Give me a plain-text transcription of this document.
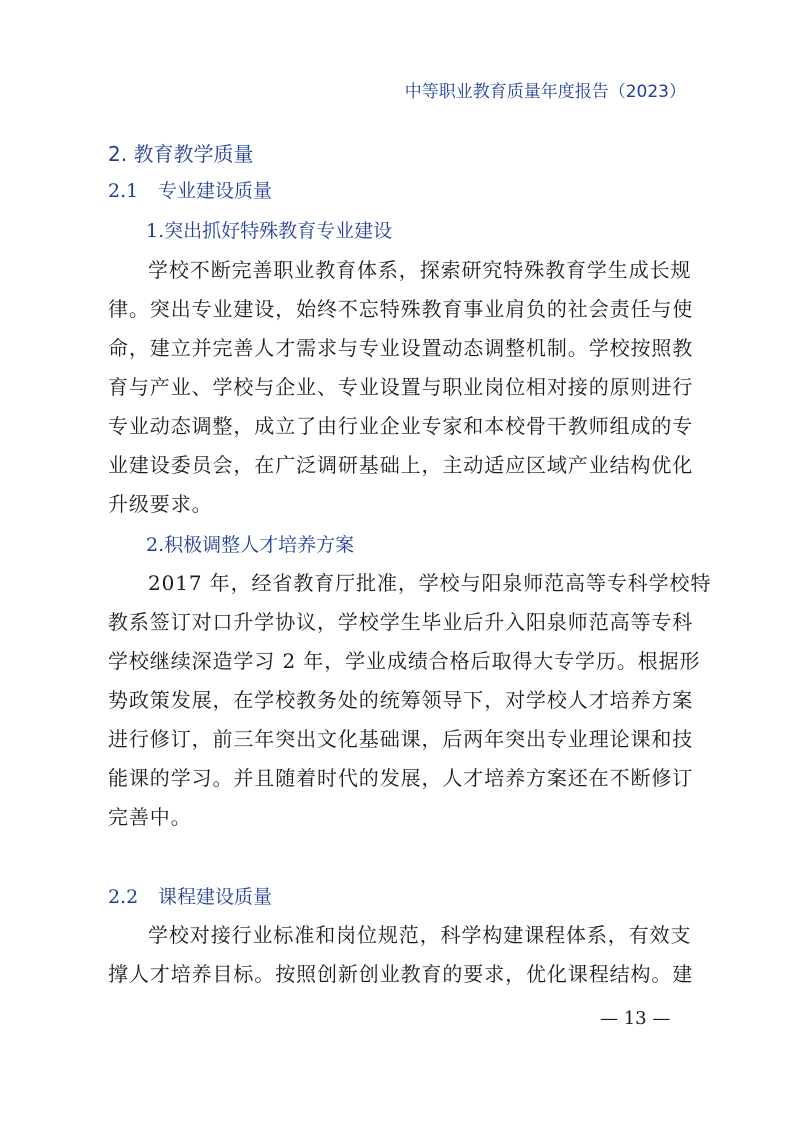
中等职业教育质量年度报告（2023）
2. 教育教学质量
2.1 专业建设质量
1.突出抓好特殊教育专业建设
学校不断完善职业教育体系，探索研究特殊教育学生成长规
律。突出专业建设，始终不忘特殊教育事业肩负的社会责任与使
命，建立并完善人才需求与专业设置动态调整机制。学校按照教
育与产业、学校与企业、专业设置与职业岗位相对接的原则进行
专业动态调整，成立了由行业企业专家和本校骨干教师组成的专
业建设委员会，在广泛调研基础上，主动适应区域产业结构优化
升级要求。
2.积极调整人才培养方案
2017 年，经省教育厅批准，学校与阳泉师范高等专科学校特
教系签订对口升学协议，学校学生毕业后升入阳泉师范高等专科
学校继续深造学习 2 年，学业成绩合格后取得大专学历。根据形
势政策发展，在学校教务处的统筹领导下，对学校人才培养方案
进行修订，前三年突出文化基础课，后两年突出专业理论课和技
能课的学习。并且随着时代的发展，人才培养方案还在不断修订
完善中。
2.2 课程建设质量
学校对接行业标准和岗位规范，科学构建课程体系，有效支
撑人才培养目标。按照创新创业教育的要求，优化课程结构。建
— 13 —
